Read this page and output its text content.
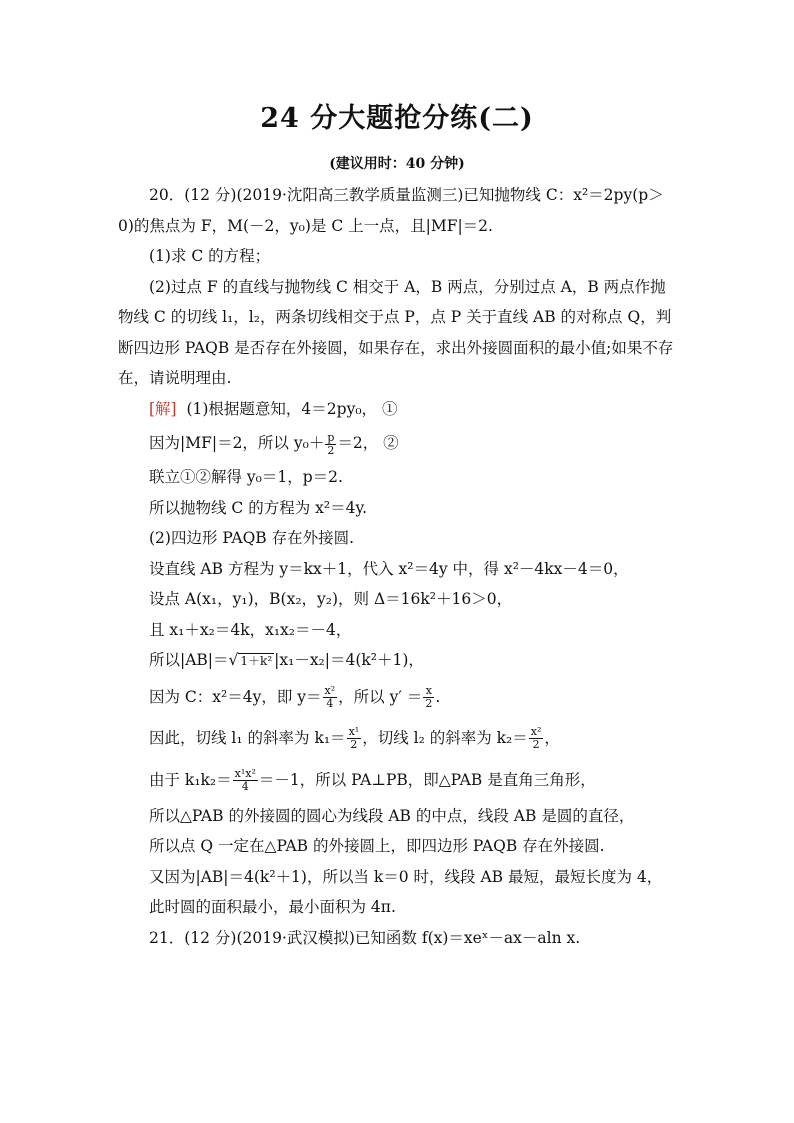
24 分大题抢分练(二)
(建议用时：40 分钟)

20．(12 分)(2019·沈阳高三教学质量监测三)已知抛物线 C：x²＝2py(p＞0)的焦点为 F，M(－2，y₀)是 C 上一点，且|MF|＝2.

(1)求 C 的方程；

(2)过点 F 的直线与抛物线 C 相交于 A，B 两点，分别过点 A，B 两点作抛物线 C 的切线 l₁，l₂，两条切线相交于点 P，点 P 关于直线 AB 的对称点 Q，判断四边形 PAQB 是否存在外接圆，如果存在，求出外接圆面积的最小值;如果不存在，请说明理由.

[解] (1)根据题意知，4＝2py₀， ①

因为|MF|＝2，所以 $y_0+ \frac{p}{2} =2$， ②

联立①②解得 y₀＝1，p＝2.

所以抛物线 C 的方程为 x²＝4y.

(2)四边形 PAQB 存在外接圆.

设直线 AB 方程为 y＝kx＋1，代入 x²＝4y 中，得 x²－4kx－4＝0，

设点 A(x₁，y₁)，B(x₂，y₂)，则 Δ＝16k²＋16＞0，

且 x₁＋x₂＝4k，x₁x₂＝－4，

所以|AB|＝√ 1＋k² |x₁－x₂|＝4(k²＋1)，

因为 C：x²＝4y，即 $y= \frac{\text{x²}}{4}$ ，所以 $y' = \frac{x}{2}$ .

因此，切线 l₁ 的斜率为 $k_1= \frac{\text{x¹}}{2}$ ，切线 l₂ 的斜率为 $k_2= \frac{\text{x²}}{2}$ ，

由于 $k_1k_2= \frac{\text{x¹x²}}{4} =-1$，所以 PA⊥PB，即△PAB 是直角三角形，

所以△PAB 的外接圆的圆心为线段 AB 的中点，线段 AB 是圆的直径，

所以点 Q 一定在△PAB 的外接圆上，即四边形 PAQB 存在外接圆.

又因为|AB|＝4(k²＋1)，所以当 k＝0 时，线段 AB 最短，最短长度为 4，

此时圆的面积最小，最小面积为 4π.

21．(12 分)(2019·武汉模拟)已知函数 f(x)＝xeˣ－ax－aln x.
